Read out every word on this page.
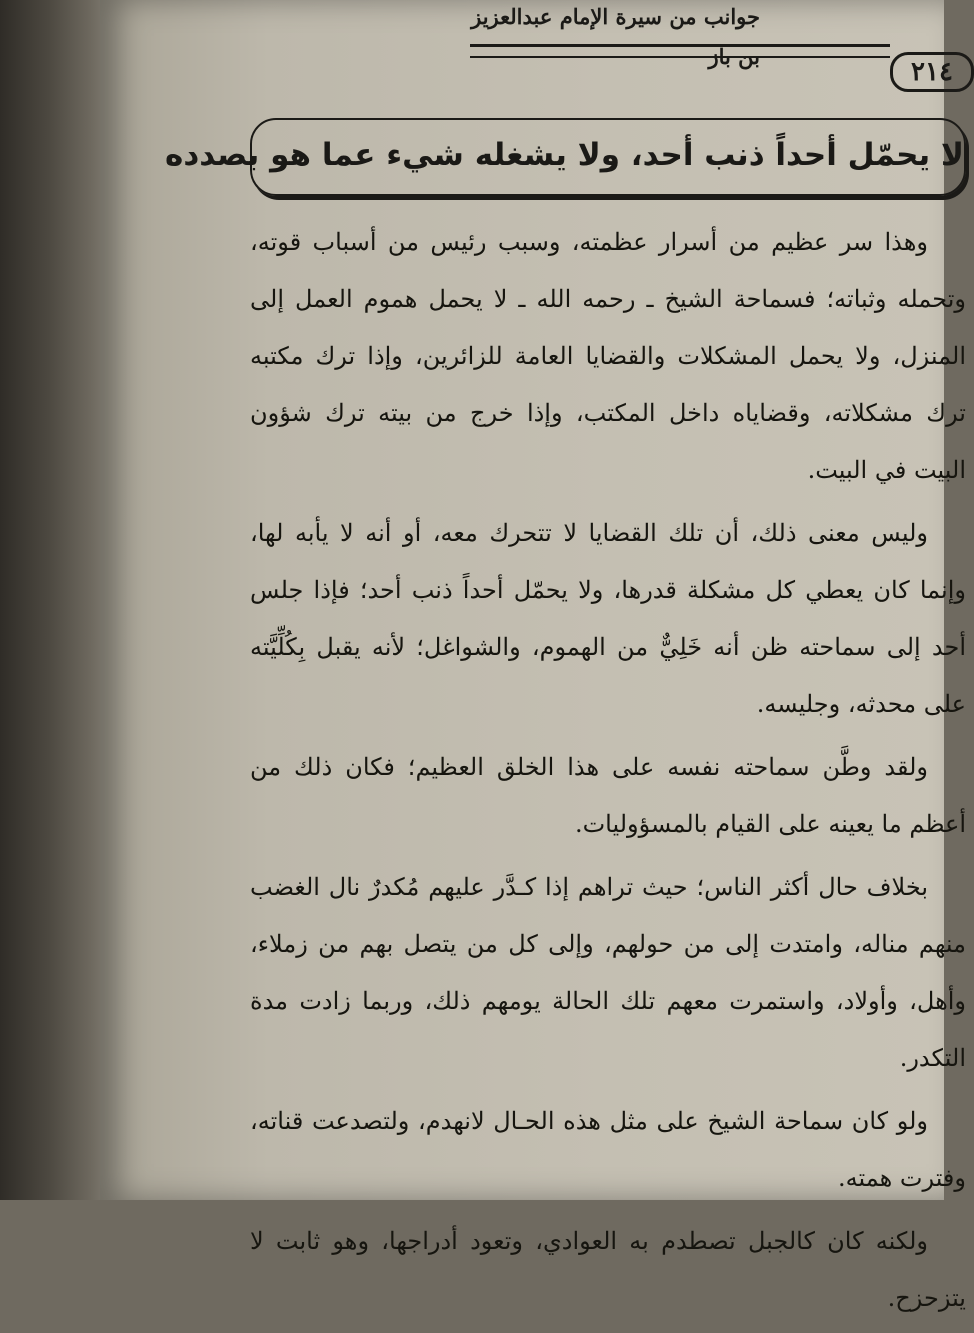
جوانب من سيرة الإمام عبدالعزيز
بن باز
٢١٤
لا يحمّل أحداً ذنب أحد، ولا يشغله شيء عما هو بصدده

وهذا سر عظيم من أسرار عظمته، وسبب رئيس من أسباب قوته، وتحمله وثباته؛ فسماحة الشيخ ـ رحمه الله ـ لا يحمل هموم العمل إلى المنزل، ولا يحمل المشكلات والقضايا العامة للزائرين، وإذا ترك مكتبه ترك مشكلاته، وقضاياه داخل المكتب، وإذا خرج من بيته ترك شؤون البيت في البيت.

وليس معنى ذلك، أن تلك القضايا لا تتحرك معه، أو أنه لا يأبه لها، وإنما كان يعطي كل مشكلة قدرها، ولا يحمّل أحداً ذنب أحد؛ فإذا جلس أحد إلى سماحته ظن أنه خَلِيٌّ من الهموم، والشواغل؛ لأنه يقبل بِكُلِّيَّته على محدثه، وجليسه.

ولقد وطَّن سماحته نفسه على هذا الخلق العظيم؛ فكان ذلك من أعظم ما يعينه على القيام بالمسؤوليات.

بخلاف حال أكثر الناس؛ حيث تراهم إذا كـدَّر عليهم مُكدرٌ نال الغضب منهم مناله، وامتدت إلى من حولهم، وإلى كل من يتصل بهم من زملاء، وأهل، وأولاد، واستمرت معهم تلك الحالة يومهم ذلك، وربما زادت مدة التكدر.

ولو كان سماحة الشيخ على مثل هذه الحـال لانهدم، ولتصدعت قناته، وفترت همته.

ولكنه كان كالجبل تصطدم به العوادي، وتعود أدراجها، وهو ثابت لا يتزحزح.
